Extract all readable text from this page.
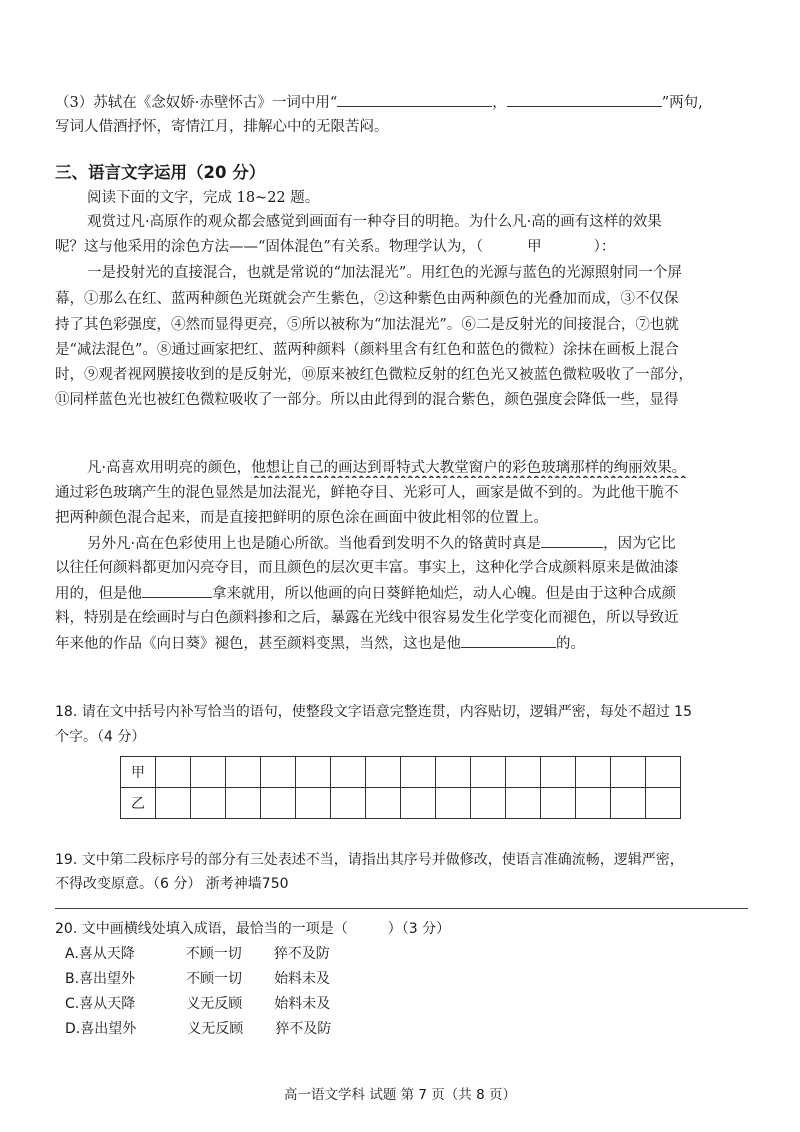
（3）苏轼在《念奴娇·赤壁怀古》一词中用“	，	”两句,
写词人借酒抒怀，寄情江月，排解心中的无限苦闷。
三、语言文字运用（20 分）
阅读下面的文字，完成 18~22 题。
观赏过凡·高原作的观众都会感觉到画面有一种夺目的明艳。为什么凡·高的画有这样的效果
呢？这与他采用的涂色方法——“固体混色”有关系。物理学认为，（	甲	）：
一是投射光的直接混合，也就是常说的“加法混光”。用红色的光源与蓝色的光源照射同一个屏
幕，①那么在红、蓝两种颜色光斑就会产生紫色，②这种紫色由两种颜色的光叠加而成，③不仅保
持了其色彩强度，④然而显得更亮，⑤所以被称为“加法混光”。⑥二是反射光的间接混合，⑦也就
是“减法混色”。⑧通过画家把红、蓝两种颜料（颜料里含有红色和蓝色的微粒）涂抹在画板上混合
时，⑨观者视网膜接收到的是反射光，⑩原来被红色微粒反射的红色光又被蓝色微粒吸收了一部分，
⑪同样蓝色光也被红色微粒吸收了一部分。所以由此得到的混合紫色，颜色强度会降低一些，显得
凡·高喜欢用明亮的颜色，他想让自己的画达到哥特式大教堂窗户的彩色玻璃那样的绚丽效果。
通过彩色玻璃产生的混色显然是加法混光，鲜艳夺目、光彩可人，画家是做不到的。为此他干脆不
把两种颜色混合起来，而是直接把鲜明的原色涂在画面中彼此相邻的位置上。
另外凡·高在色彩使用上也是随心所欲。当他看到发明不久的铬黄时真是	，因为它比
以往任何颜料都更加闪亮夺目，而且颜色的层次更丰富。事实上，这种化学合成颜料原来是做油漆
用的，但是他	拿来就用，所以他画的向日葵鲜艳灿烂，动人心魄。但是由于这种合成颜
料，特别是在绘画时与白色颜料掺和之后，暴露在光线中很容易发生化学变化而褪色，所以导致近
年来他的作品《向日葵》褪色，甚至颜料变黑，当然，这也是他	的。
18. 请在文中括号内补写恰当的语句，使整段文字语意完整连贯，内容贴切，逻辑严密，每处不超过 15
个字。（4 分）
甲															
乙															
19. 文中第二段标序号的部分有三处表述不当，请指出其序号并做修改，使语言准确流畅，逻辑严密，
不得改变原意。（6 分） 浙考神墙750
20. 文中画横线处填入成语，最恰当的一项是（	）（3 分）
A.喜从天降	不顾一切 猝不及防
B.喜出望外	不顾一切 始料未及
C.喜从天降	义无反顾 始料未及
D.喜出望外	义无反顾 猝不及防
高一语文学科 试题 第 7 页（共 8 页）
